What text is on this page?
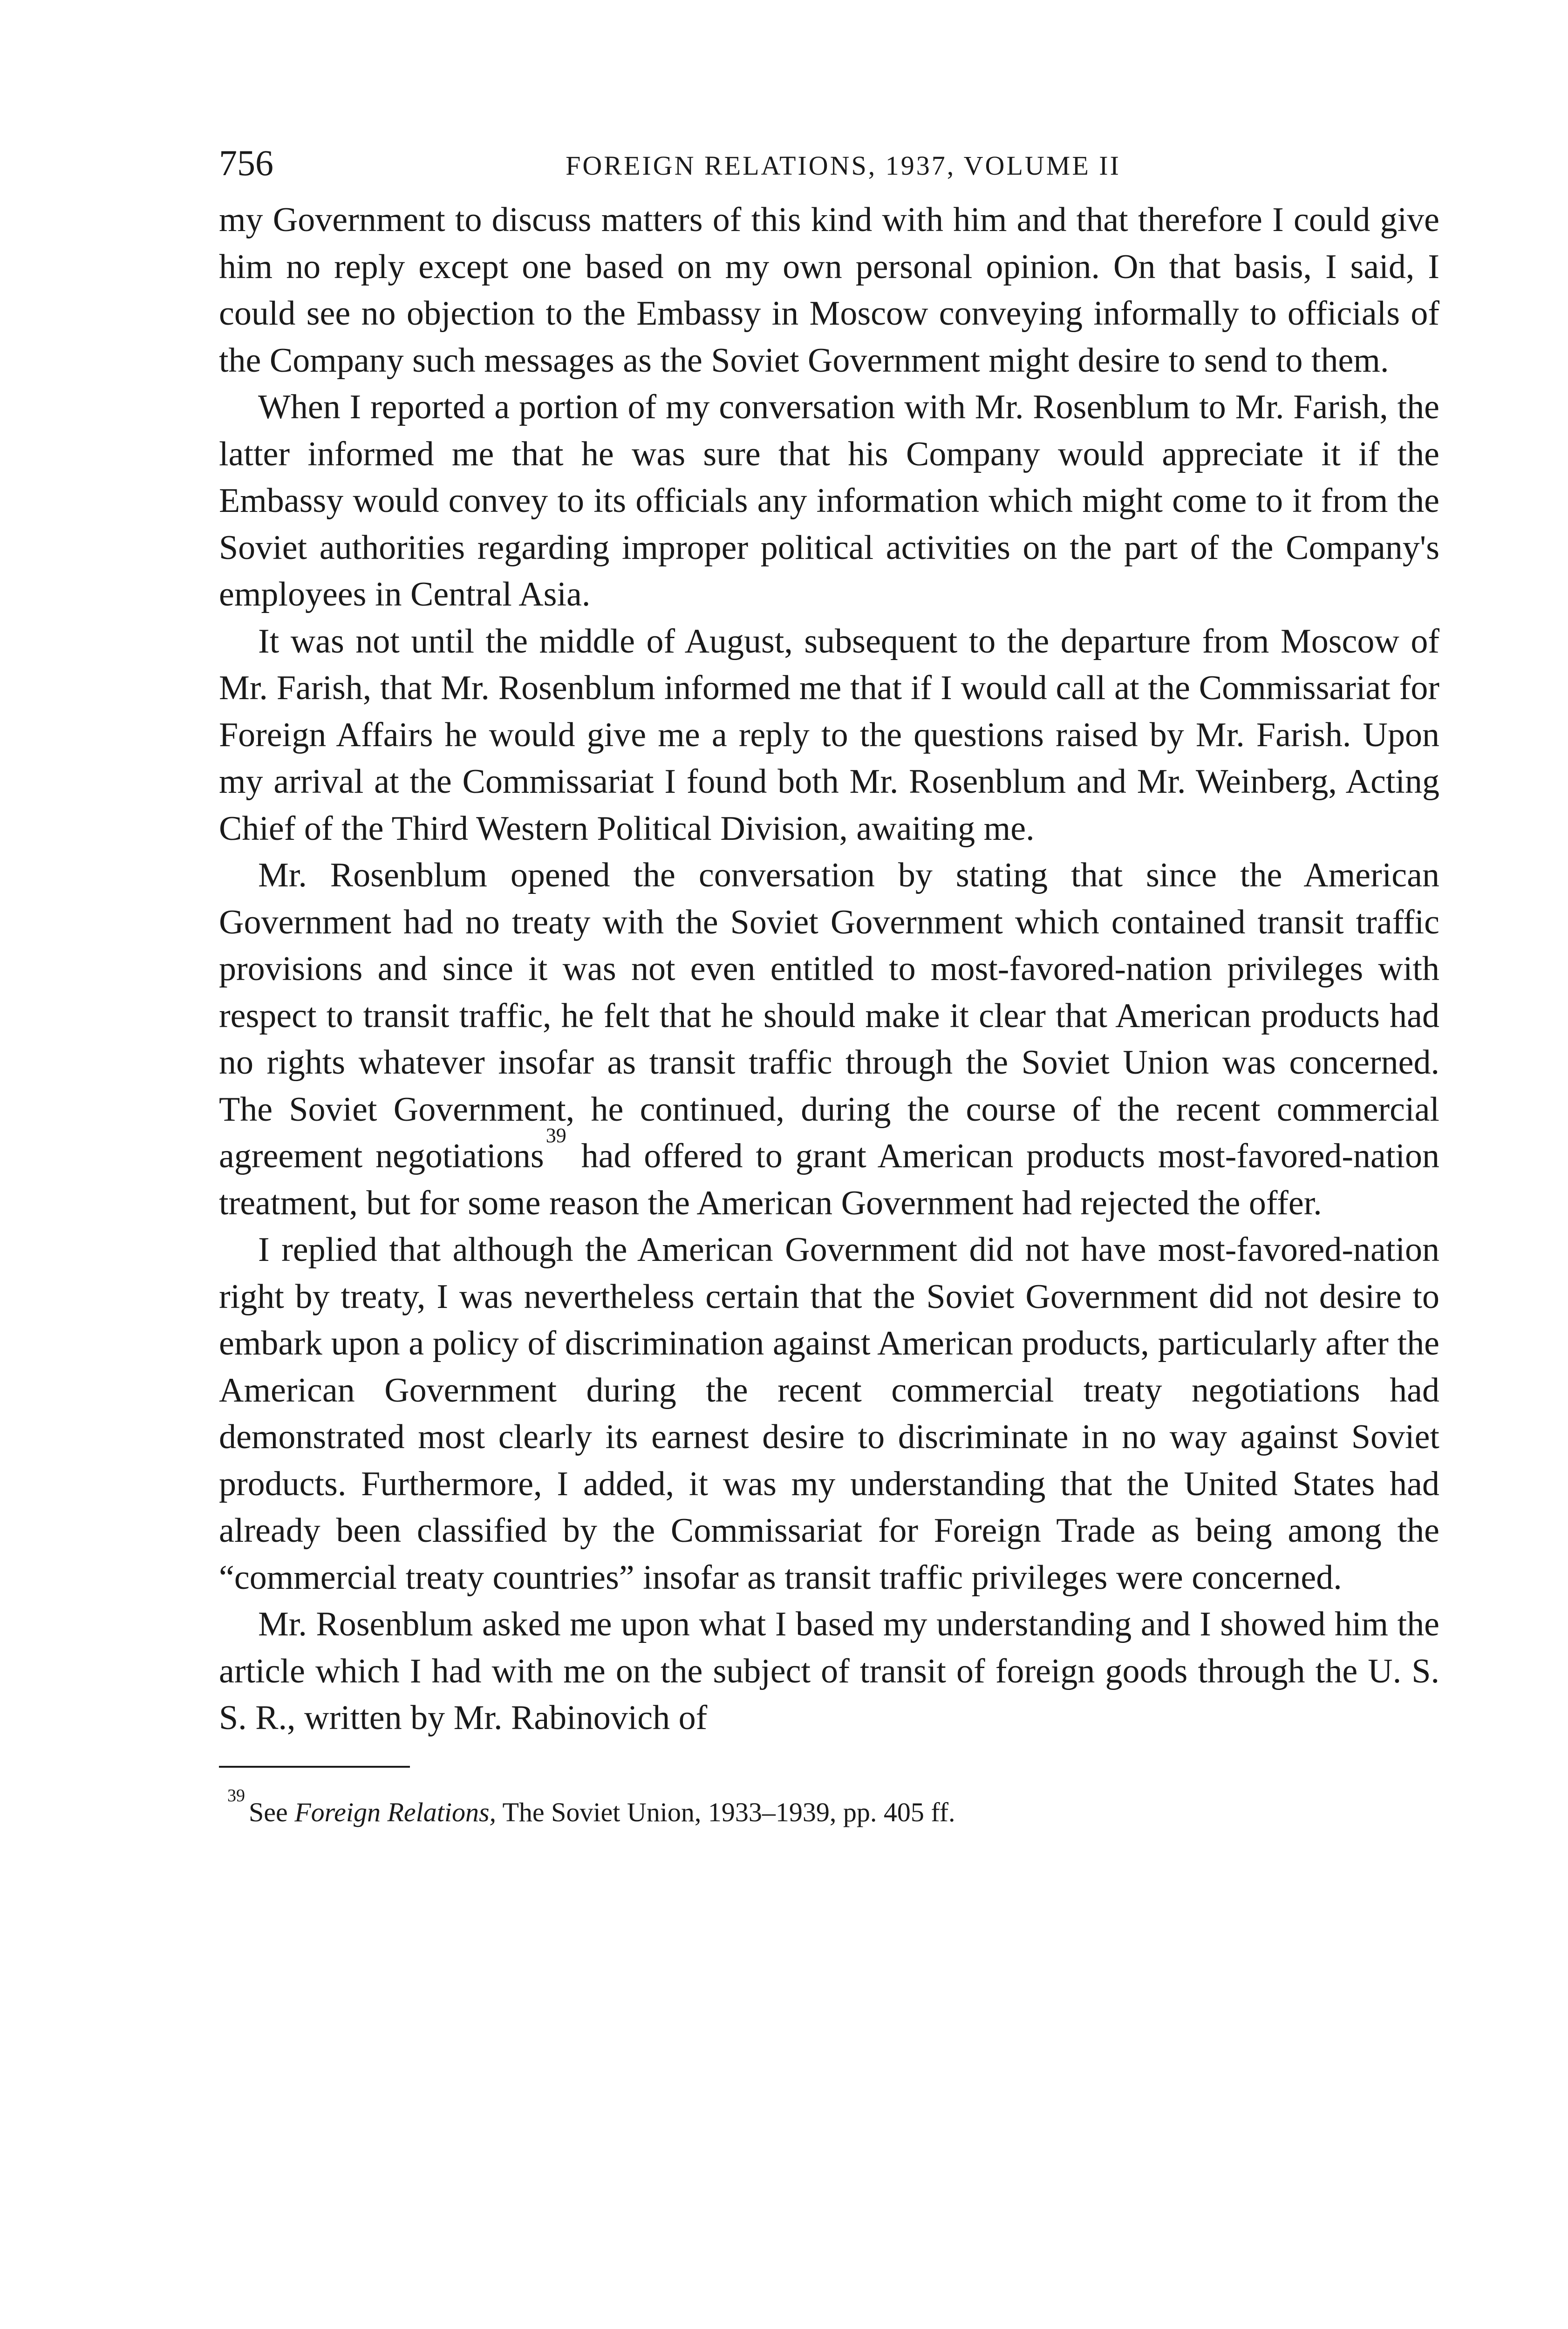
756	FOREIGN RELATIONS, 1937, VOLUME II

my Government to discuss matters of this kind with him and that therefore I could give him no reply except one based on my own personal opinion. On that basis, I said, I could see no objection to the Embassy in Moscow conveying informally to officials of the Company such messages as the Soviet Government might desire to send to them.

When I reported a portion of my conversation with Mr. Rosenblum to Mr. Farish, the latter informed me that he was sure that his Company would appreciate it if the Embassy would convey to its officials any information which might come to it from the Soviet authorities regarding improper political activities on the part of the Company's employees in Central Asia.

It was not until the middle of August, subsequent to the departure from Moscow of Mr. Farish, that Mr. Rosenblum informed me that if I would call at the Commissariat for Foreign Affairs he would give me a reply to the questions raised by Mr. Farish. Upon my arrival at the Commissariat I found both Mr. Rosenblum and Mr. Weinberg, Acting Chief of the Third Western Political Division, awaiting me.

Mr. Rosenblum opened the conversation by stating that since the American Government had no treaty with the Soviet Government which contained transit traffic provisions and since it was not even entitled to most-favored-nation privileges with respect to transit traffic, he felt that he should make it clear that American products had no rights whatever insofar as transit traffic through the Soviet Union was concerned. The Soviet Government, he continued, during the course of the recent commercial agreement negotiations$^{39}$ had offered to grant American products most-favored-nation treatment, but for some reason the American Government had rejected the offer.

I replied that although the American Government did not have most-favored-nation right by treaty, I was nevertheless certain that the Soviet Government did not desire to embark upon a policy of discrimination against American products, particularly after the American Government during the recent commercial treaty negotiations had demonstrated most clearly its earnest desire to discriminate in no way against Soviet products. Furthermore, I added, it was my understanding that the United States had already been classified by the Commissariat for Foreign Trade as being among the “commercial treaty countries” insofar as transit traffic privileges were concerned.

Mr. Rosenblum asked me upon what I based my understanding and I showed him the article which I had with me on the subject of transit of foreign goods through the U. S. S. R., written by Mr. Rabinovich of

$^{39}$See Foreign Relations, The Soviet Union, 1933–1939, pp. 405 ff.
